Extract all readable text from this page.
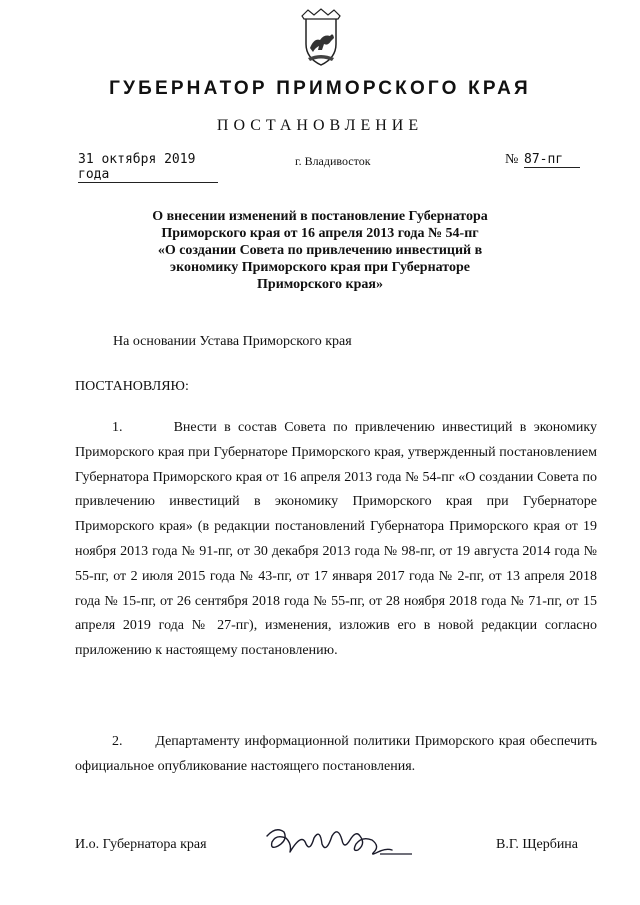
ГУБЕРНАТОР ПРИМОРСКОГО КРАЯ
ПОСТАНОВЛЕНИЕ
31 октября 2019 года
г. Владивосток	№ 87-пг
О внесении изменений в постановление Губернатора
Приморского края от 16 апреля 2013 года № 54-пг
«О создании Совета по привлечению инвестиций в
экономику Приморского края при Губернаторе
Приморского края»
На основании Устава Приморского края
ПОСТАНОВЛЯЮ:
1.       Внести в состав Совета по привлечению инвестиций в экономику Приморского края при Губернаторе Приморского края, утвержденный постановлением Губернатора Приморского края от 16 апреля 2013 года № 54-пг «О создании Совета по привлечению инвестиций в экономику Приморского края при Губернаторе Приморского края» (в редакции постановлений Губернатора Приморского края от 19 ноября 2013 года № 91-пг, от 30 декабря 2013 года № 98-пг, от 19 августа 2014 года № 55-пг, от 2 июля 2015 года № 43-пг, от 17 января 2017 года № 2-пг, от 13 апреля 2018 года № 15-пг, от 26 сентября 2018 года № 55-пг, от 28 ноября 2018 года № 71-пг, от 15 апреля 2019 года № 27-пг), изменения, изложив его в новой редакции согласно приложению к настоящему постановлению.
2.       Департаменту информационной политики Приморского края обеспечить официальное опубликование настоящего постановления.
И.о. Губернатора края	В.Г. Щербина
